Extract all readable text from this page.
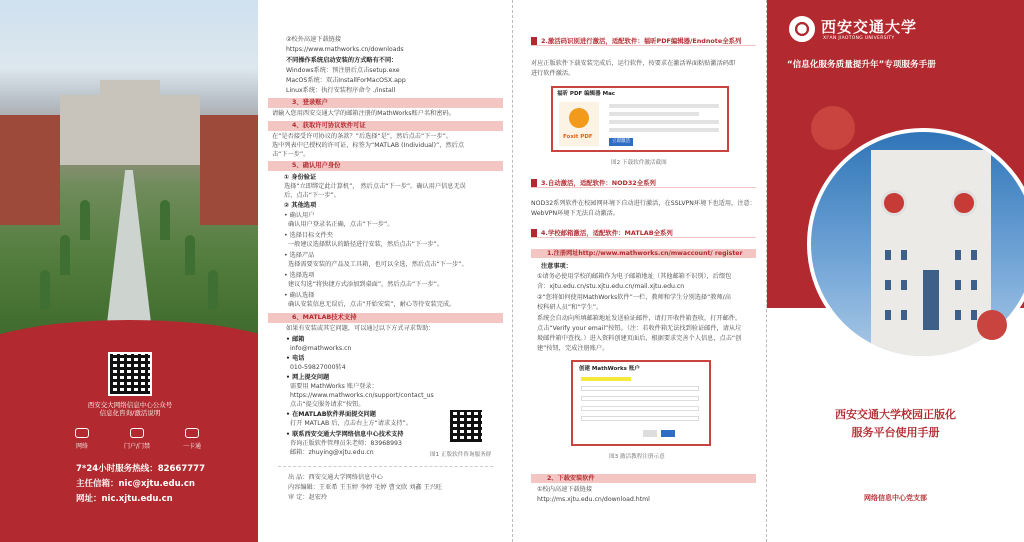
西安交大网络信息中心公众号
信息化咨询/激活说明
网络	门户/门禁	一卡通
7*24小时服务热线：82667777
主任信箱：nic@xjtu.edu.cn
网址：nic.xjtu.edu.cn
②校外高速下载链接
https://www.mathworks.cn/downloads
不同操作系统启动安装的方式略有不同：
Windows系统：预注册后点击setup.exe
MacOS系统：双击InstallForMacOSX.app
Linux系统：执行安装程序命令 ./install
3、登录账户
请输入您用西安交通大学的邮箱注册的MathWorks账户名和密码。
4、获取许可协议软件可证
在“是否接受许可协议的条款？”后选择“是”，然后点击“下一步”。
选中列表中已授权的许可证，标签为“MATLAB (Individual)”，然后点
击“下一步”。
5、确认用户身份
① 身份验证
选择“立即绑定此计算机”， 然后点击“下一步”。确认用户信息无误
后，点击“下一步”。
② 其他选项
• 确认用户
确认用户登录名正确，点击“下一步”。
• 选择目标文件夹
一般建议选择默认的路径进行安装，然后点击“下一步”。
• 选择产品
选择需要安装的产品及工具箱，也可以全选，然后点击“下一步”。
• 选择选项
建议勾选“将快捷方式添加到桌面”，然后点击“下一步”。
• 确认选择
确认安装信息无误后，点击“开始安装”，耐心等待安装完成。
6、MATLAB技术支持
如果有安装或其它问题，可以通过以下方式寻求帮助：
• 邮箱
info@mathworks.cn
• 电话
010-59827000转4
• 网上提交问题
需要用 MathWorks 账户登录：
https://www.mathworks.cn/support/contact_us
点击“提交服务请求”按钮。
• 在MATLAB软件界面提交问题
打开 MATLAB 后，点击右上方“请求支持”。
• 联系西安交通大学网络信息中心技术支持
咨询正版软件管理员朱老师：83968993
邮箱：zhuying@xjtu.edu.cn	图1 正版软件咨询服务群
出 品：西安交通大学网络信息中心
内容编辑：王亚希 王玉婷 李婷 毛婷 曹文欣 刘鑫 王兴旺
审 定：赵宏玲
2.激活码识别进行激活，适配软件：福昕PDF编辑器/Endnote全系列
对应正版软件下载安装完成后，运行软件，按要求在激活界面粘贴激活码即
进行软件激活。
福昕 PDF 编辑器 Mac
Foxit PDF
立即激活
图2 下载软件激活截图
3.自动激活，适配软件：NOD32全系列
NOD32系列软件在校园网环境下自动进行激活，在SSLVPN环境下也适用，注意：
WebVPN环境下无法自动激活。
4.学校邮箱激活，适配软件：MATLAB全系列
1.注册网址http://www.mathworks.cn/mwaccount/ register
注意事项：
①请务必使用学校的邮箱作为电子邮箱地址（其他邮箱不识别），后缀包
含：xjtu.edu.cn/stu.xjtu.edu.cn/mail.xjtu.edu.cn
②“您将如何使用MathWorks软件”一栏，教师和学生分别选择“教师/高
校科研人员”和“学生”。
系统会自动向所填邮箱地址发送验证邮件，请打开收件箱查收，打开邮件，
点击“Verify your email”按钮。（注：若收件箱无法找到验证邮件，请从垃
圾邮件箱中查找。）进入资料创建页面后，根据要求完善个人信息，点击“创
建”按钮，完成注册账户。
创建 MathWorks 账户
图3 激活教程注册示意
2、下载安装软件
①校内高速下载链接
http://ms.xjtu.edu.cn/download.html
西安交通大学
XI'AN JIAOTONG UNIVERSITY
“信息化服务质量提升年”专项服务手册
西安交通大学校园正版化
服务平台使用手册
网络信息中心党支部
